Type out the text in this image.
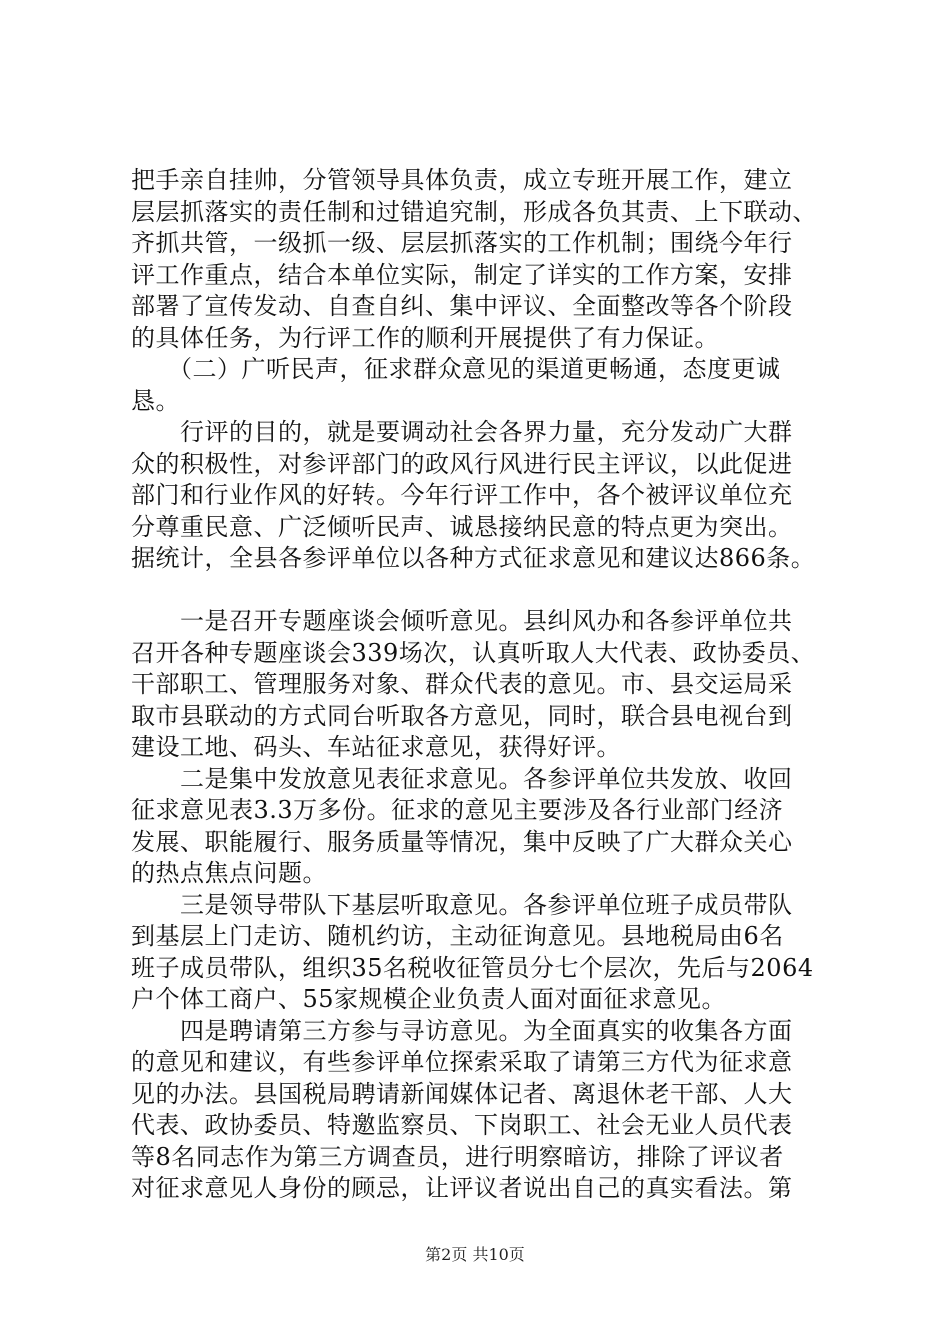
把手亲自挂帅，分管领导具体负责，成立专班开展工作，建立
层层抓落实的责任制和过错追究制，形成各负其责、上下联动、
齐抓共管，一级抓一级、层层抓落实的工作机制；围绕今年行
评工作重点，结合本单位实际，制定了详实的工作方案，安排
部署了宣传发动、自查自纠、集中评议、全面整改等各个阶段
的具体任务，为行评工作的顺利开展提供了有力保证。
　　（二）广听民声，征求群众意见的渠道更畅通，态度更诚
恳。
　　行评的目的，就是要调动社会各界力量，充分发动广大群
众的积极性，对参评部门的政风行风进行民主评议，以此促进
部门和行业作风的好转。今年行评工作中，各个被评议单位充
分尊重民意、广泛倾听民声、诚恳接纳民意的特点更为突出。
据统计，全县各参评单位以各种方式征求意见和建议达866条。
　　一是召开专题座谈会倾听意见。县纠风办和各参评单位共
召开各种专题座谈会339场次，认真听取人大代表、政协委员、
干部职工、管理服务对象、群众代表的意见。市、县交运局采
取市县联动的方式同台听取各方意见，同时，联合县电视台到
建设工地、码头、车站征求意见，获得好评。
　　二是集中发放意见表征求意见。各参评单位共发放、收回
征求意见表3.3万多份。征求的意见主要涉及各行业部门经济
发展、职能履行、服务质量等情况，集中反映了广大群众关心
的热点焦点问题。
　　三是领导带队下基层听取意见。各参评单位班子成员带队
到基层上门走访、随机约访，主动征询意见。县地税局由6名
班子成员带队，组织35名税收征管员分七个层次，先后与2064
户个体工商户、55家规模企业负责人面对面征求意见。
　　四是聘请第三方参与寻访意见。为全面真实的收集各方面
的意见和建议，有些参评单位探索采取了请第三方代为征求意
见的办法。县国税局聘请新闻媒体记者、离退休老干部、人大
代表、政协委员、特邀监察员、下岗职工、社会无业人员代表
等8名同志作为第三方调查员，进行明察暗访，排除了评议者
对征求意见人身份的顾忌，让评议者说出自己的真实看法。第
第2页 共10页
